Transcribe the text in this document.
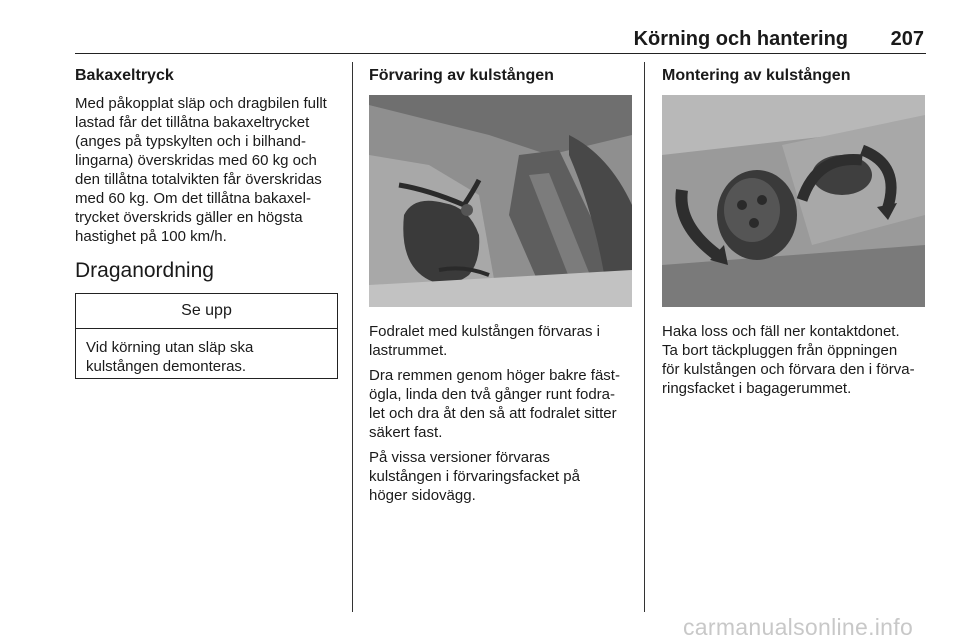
Körning och hantering 207
Bakaxeltryck

Med påkopplat släp och dragbilen fullt
lastad får det tillåtna bakaxeltrycket
(anges på typskylten och i bilhand-
lingarna) överskridas med 60 kg och
den tillåtna totalvikten får överskridas
med 60 kg. Om det tillåtna bakaxel-
trycket överskrids gäller en högsta
hastighet på 100 km/h.

Draganordning
Se upp
Vid körning utan släp ska
kulstången demonteras.
Förvaring av kulstången

Fodralet med kulstången förvaras i
lastrummet.

Dra remmen genom höger bakre fäst-
ögla, linda den två gånger runt fodra-
let och dra åt den så att fodralet sitter
säkert fast.

På vissa versioner förvaras
kulstången i förvaringsfacket på
höger sidovägg.

Montering av kulstången

Haka loss och fäll ner kontaktdonet.
Ta bort täckpluggen från öppningen
för kulstången och förvara den i förva-
ringsfacket i bagagerummet.

carmanualsonline.info
